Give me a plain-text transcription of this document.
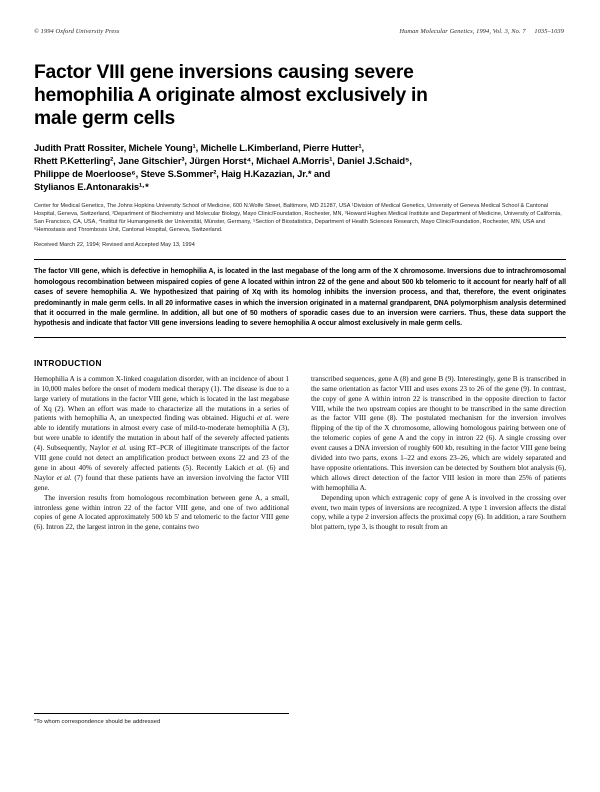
© 1994 Oxford University Press	Human Molecular Genetics, 1994, Vol. 3, No. 7 1035–1039
Factor VIII gene inversions causing severe hemophilia A originate almost exclusively in male germ cells
Judith Pratt Rossiter, Michele Young¹, Michelle L.Kimberland, Pierre Hutter¹,
Rhett P.Ketterling², Jane Gitschier³, Jürgen Horst⁴, Michael A.Morris¹, Daniel J.Schaid⁵,
Philippe de Moerloose⁶, Steve S.Sommer², Haig H.Kazazian, Jr.* and
Stylianos E.Antonarakis¹·*
Center for Medical Genetics, The Johns Hopkins University School of Medicine, 600 N.Wolfe Street, Baltimore, MD 21287, USA ¹Division of Medical Genetics, University of Geneva Medical School & Cantonal Hospital, Geneva, Switzerland, ²Department of Biochemistry and Molecular Biology, Mayo Clinic/Foundation, Rochester, MN, ³Howard Hughes Medical Institute and Department of Medicine, University of California, San Francisco, CA, USA, ⁴Institut für Humangenetik der Universität, Münster, Germany, ⁵Section of Biostatistics, Department of Health Sciences Research, Mayo Clinic/Foundation, Rochester, MN, USA and ⁶Hemostasis and Thrombosis Unit, Cantonal Hospital, Geneva, Switzerland.
Received March 22, 1994; Revised and Accepted May 13, 1994
The factor VIII gene, which is defective in hemophilia A, is located in the last megabase of the long arm of the X chromosome. Inversions due to intrachromosomal homologous recombination between mispaired copies of gene A located within intron 22 of the gene and about 500 kb telomeric to it account for nearly half of all cases of severe hemophilia A. We hypothesized that pairing of Xq with its homolog inhibits the inversion process, and that, therefore, the event originates predominantly in male germ cells. In all 20 informative cases in which the inversion originated in a maternal grandparent, DNA polymorphism analysis determined that it occurred in the male germline. In addition, all but one of 50 mothers of sporadic cases due to an inversion were carriers. Thus, these data support the hypothesis and indicate that factor VIII gene inversions leading to severe hemophilia A occur almost exclusively in male germ cells.
INTRODUCTION

Hemophilia A is a common X-linked coagulation disorder, with an incidence of about 1 in 10,000 males before the onset of modern medical therapy (1). The disease is due to a large variety of mutations in the factor VIII gene, which is located in the last megabase of Xq (2). When an effort was made to characterize all the mutations in a series of patients with hemophilia A, an unexpected finding was obtained. Higuchi et al. were able to identify mutations in almost every case of mild-to-moderate hemophilia A (3), but were unable to identify the mutation in about half of the severely affected patients (4). Subsequently, Naylor et al. using RT–PCR of illegitimate transcripts of the factor VIII gene could not detect an amplification product between exons 22 and 23 of the gene in about 40% of severely affected patients (5). Recently Lakich et al. (6) and Naylor et al. (7) found that these patients have an inversion involving the factor VIII gene.

The inversion results from homologous recombination between gene A, a small, intronless gene within intron 22 of the factor VIII gene, and one of two additional copies of gene A located approximately 500 kb 5' and telomeric to the factor VIII gene (6). Intron 22, the largest intron in the gene, contains two

transcribed sequences, gene A (8) and gene B (9). Interestingly, gene B is transcribed in the same orientation as factor VIII and uses exons 23 to 26 of the gene (9). In contrast, the copy of gene A within intron 22 is transcribed in the opposite direction to factor VIII, while the two upstream copies are thought to be transcribed in the same direction as the factor VIII gene (8). The postulated mechanism for the inversion involves flipping of the tip of the X chromosome, allowing homologous pairing between one of the telomeric copies of gene A and the copy in intron 22 (6). A single crossing over event causes a DNA inversion of roughly 600 kb, resulting in the factor VIII gene being divided into two parts, exons 1–22 and exons 23–26, which are widely separated and have opposite orientations. This inversion can be detected by Southern blot analysis (6), which allows direct detection of the factor VIII lesion in more than 25% of patients with hemophilia A.

Depending upon which extragenic copy of gene A is involved in the crossing over event, two main types of inversions are recognized. A type 1 inversion affects the distal copy, while a type 2 inversion affects the proximal copy (6). In addition, a rare Southern blot pattern, type 3, is thought to result from an

*To whom correspondence should be addressed
